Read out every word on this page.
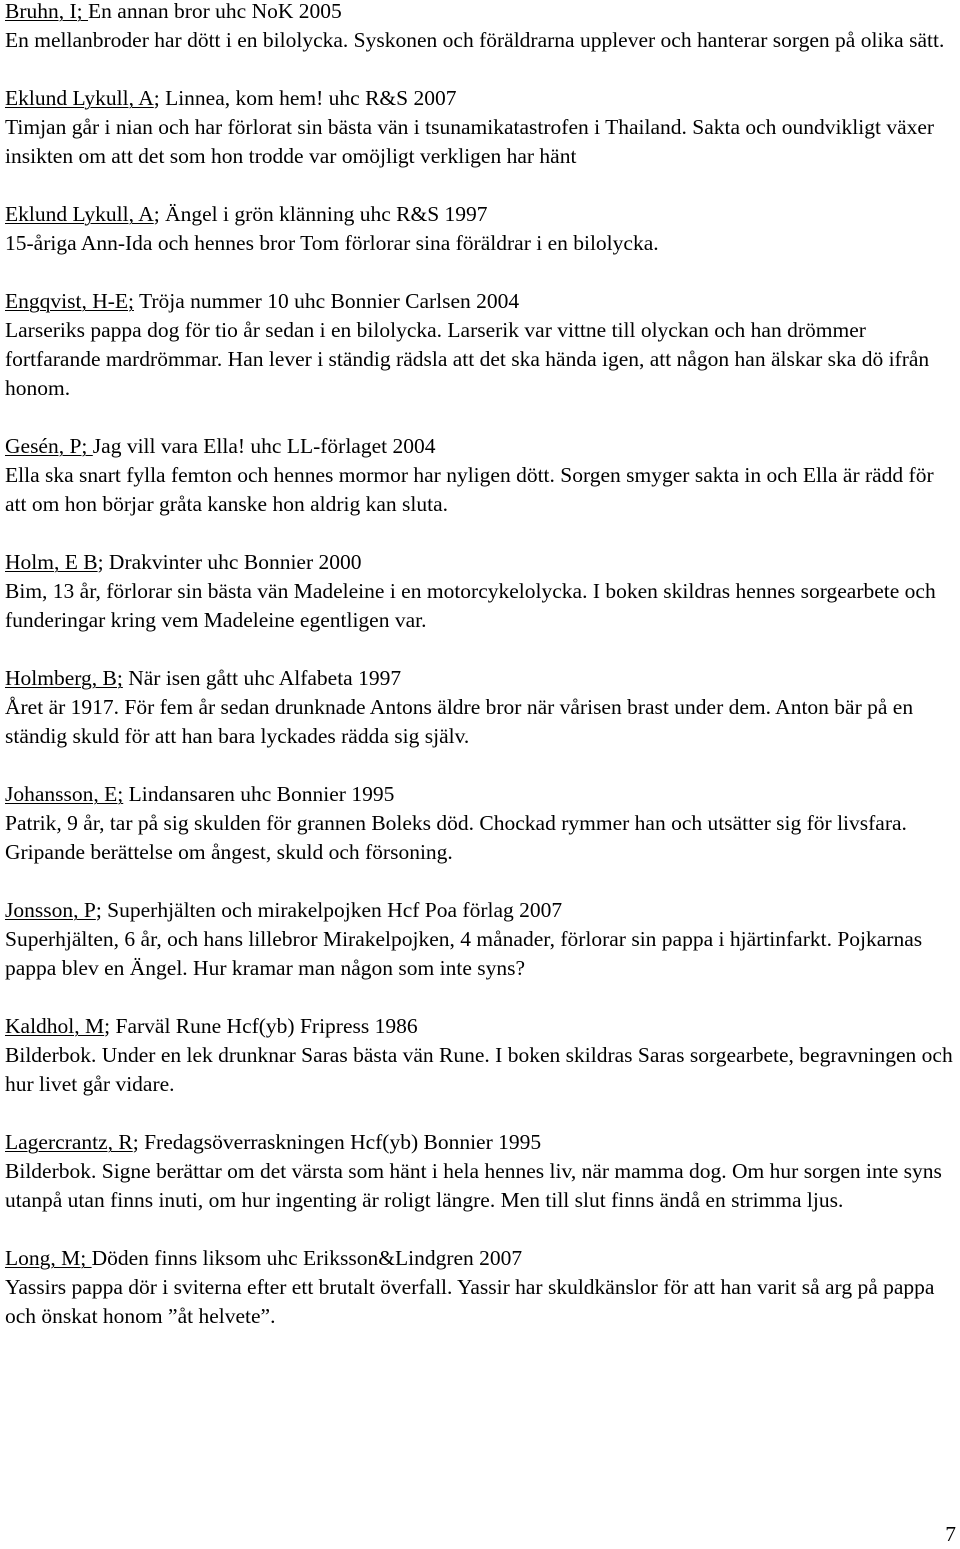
Bruhn, I; En annan bror uhc NoK 2005

En mellanbroder har dött i en bilolycka. Syskonen och föräldrarna upplever och hanterar sorgen på olika sätt.

Eklund Lykull, A; Linnea, kom hem! uhc R&S 2007

Timjan går i nian och har förlorat sin bästa vän i tsunamikatastrofen i Thailand. Sakta och oundvikligt växer insikten om att det som hon trodde var omöjligt verkligen har hänt

Eklund Lykull, A; Ängel i grön klänning uhc R&S 1997

15-åriga Ann-Ida och hennes bror Tom förlorar sina föräldrar i en bilolycka.

Engqvist, H-E; Tröja nummer 10 uhc Bonnier Carlsen 2004

Larseriks pappa dog för tio år sedan i en bilolycka. Larserik var vittne till olyckan och han drömmer fortfarande mardrömmar. Han lever i ständig rädsla att det ska hända igen, att någon han älskar ska dö ifrån honom.

Gesén, P; Jag vill vara Ella! uhc LL-förlaget 2004

Ella ska snart fylla femton och hennes mormor har nyligen dött. Sorgen smyger sakta in och Ella är rädd för att om hon börjar gråta kanske hon aldrig kan sluta.

Holm, E B; Drakvinter uhc Bonnier 2000

Bim, 13 år, förlorar sin bästa vän Madeleine i en motorcykelolycka. I boken skildras hennes sorgearbete och funderingar kring vem Madeleine egentligen var.

Holmberg, B; När isen gått uhc Alfabeta 1997

Året är 1917. För fem år sedan drunknade Antons äldre bror när vårisen brast under dem. Anton bär på en ständig skuld för att han bara lyckades rädda sig själv.

Johansson, E; Lindansaren uhc Bonnier 1995

Patrik, 9 år, tar på sig skulden för grannen Boleks död. Chockad rymmer han och utsätter sig för livsfara. Gripande berättelse om ångest, skuld och försoning.

Jonsson, P; Superhjälten och mirakelpojken Hcf Poa förlag 2007

Superhjälten, 6 år, och hans lillebror Mirakelpojken, 4 månader, förlorar sin pappa i hjärtinfarkt. Pojkarnas pappa blev en Ängel. Hur kramar man någon som inte syns?

Kaldhol, M; Farväl Rune Hcf(yb) Fripress 1986

Bilderbok. Under en lek drunknar Saras bästa vän Rune. I boken skildras Saras sorgearbete, begravningen och hur livet går vidare.

Lagercrantz, R; Fredagsöverraskningen Hcf(yb) Bonnier 1995

Bilderbok. Signe berättar om det värsta som hänt i hela hennes liv, när mamma dog. Om hur sorgen inte syns utanpå utan finns inuti, om hur ingenting är roligt längre. Men till slut finns ändå en strimma ljus.

Long, M; Döden finns liksom uhc Eriksson&Lindgren 2007

Yassirs pappa dör i sviterna efter ett brutalt överfall. Yassir har skuldkänslor för att han varit så arg på pappa och önskat honom ”åt helvete”.

7
